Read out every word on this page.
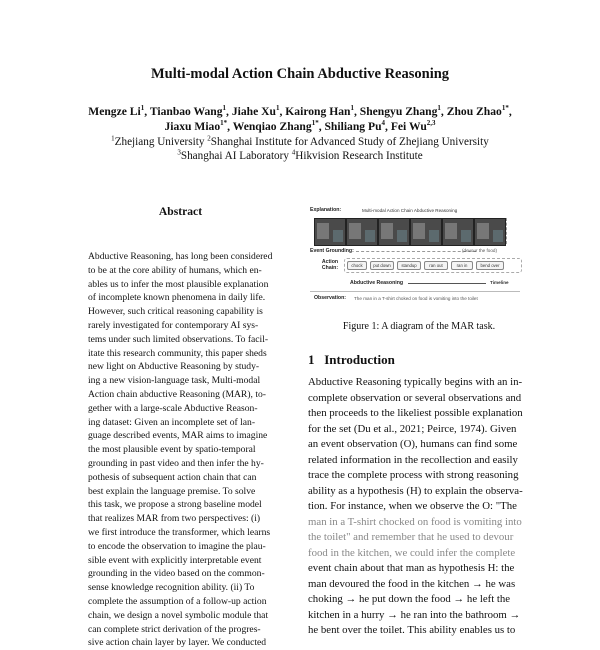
Multi-modal Action Chain Abductive Reasoning
Mengze Li$^1$, Tianbao Wang$^1$, Jiahe Xu$^1$, Kairong Han$^1$, Shengyu Zhang$^1$, Zhou Zhao$^{1*}$,
Jiaxu Miao$^{1*}$, Wenqiao Zhang$^{1*}$, Shiliang Pu$^4$, Fei Wu$^{2,3}$
$^1$Zhejiang University $^2$Shanghai Institute for Advanced Study of Zhejiang University
$^3$Shanghai AI Laboratory $^4$Hikvision Research Institute
Abstract
Abductive Reasoning, has long been considered
to be at the core ability of humans, which en-
ables us to infer the most plausible explanation
of incomplete known phenomena in daily life.
However, such critical reasoning capability is
rarely investigated for contemporary AI sys-
tems under such limited observations. To facil-
itate this research community, this paper sheds
new light on Abductive Reasoning by study-
ing a new vision-language task, Multi-modal
Action chain abductive Reasoning (MAR), to-
gether with a large-scale Abductive Reason-
ing dataset: Given an incomplete set of lan-
guage described events, MAR aims to imagine
the most plausible event by spatio-temporal
grounding in past video and then infer the hy-
pothesis of subsequent action chain that can
best explain the language premise. To solve
this task, we propose a strong baseline model
that realizes MAR from two perspectives: (i)
we first introduce the transformer, which learns
to encode the observation to imagine the plau-
sible event with explicitly interpretable event
grounding in the video based on the common-
sense knowledge recognition ability. (ii) To
complete the assumption of a follow-up action
chain, we design a novel symbolic module that
can complete strict derivation of the progres-
sive action chain layer by layer. We conducted
Explanation:	Multi-modal Action Chain Abductive Reasoning
Event Grounding:	(devour the food)
Action Chain:	chock	put down	standup	ran out	ran in	bend over
Abductive Reasoning	Timeline
Observation: The man in a T-shirt choked on food is vomiting into the toilet
Figure 1: A diagram of the MAR task.
1 Introduction
Abductive Reasoning typically begins with an in-
complete observation or several observations and
then proceeds to the likeliest possible explanation
for the set (Du et al., 2021; Peirce, 1974). Given
an event observation (O), humans can find some
related information in the recollection and easily
trace the complete process with strong reasoning
ability as a hypothesis (H) to explain the observa-
tion. For instance, when we observe the O: "The
man in a T-shirt chocked on food is vomiting into
the toilet" and remember that he used to devour
food in the kitchen, we could infer the complete
event chain about that man as hypothesis H: the
man devoured the food in the kitchen → he was
choking → he put down the food → he left the
kitchen in a hurry → he ran into the bathroom →
he bent over the toilet. This ability enables us to
